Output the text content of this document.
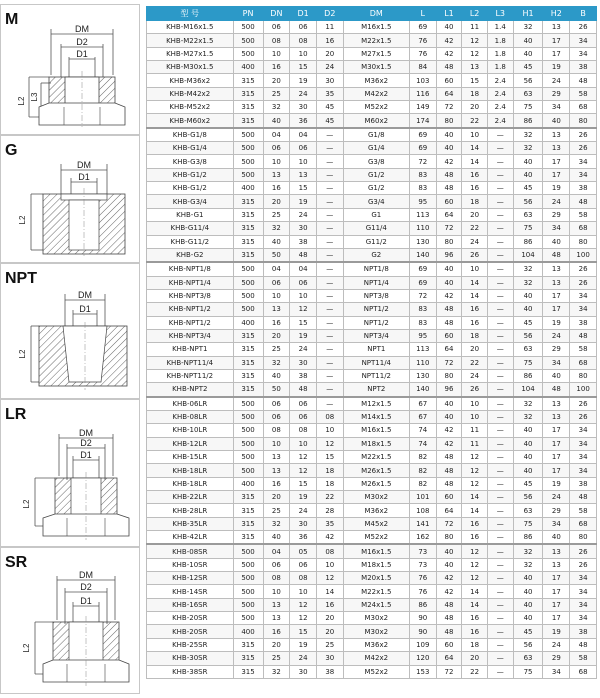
M
DM
D2
D1
L2 L3
G
DM
D1
L2
NPT
DM
D1
L2
LR
DM
D2
D1
L2
SR
DM
D2
D1
L2
型 号	PN	DN	D1	D2	DM	L	L1	L2	L3	H1	H2	B
KHB-M16x1.5	500	06	06	11	M16x1.5	69	40	11	1.4	32	13	26
KHB-M22x1.5	500	08	08	16	M22x1.5	76	42	12	1.8	40	17	34
KHB-M27x1.5	500	10	10	20	M27x1.5	76	42	12	1.8	40	17	34
KHB-M30x1.5	400	16	15	24	M30x1.5	84	48	13	1.8	45	19	38
KHB-M36x2	315	20	19	30	M36x2	103	60	15	2.4	56	24	48
KHB-M42x2	315	25	24	35	M42x2	116	64	18	2.4	63	29	58
KHB-M52x2	315	32	30	45	M52x2	149	72	20	2.4	75	34	68
KHB-M60x2	315	40	36	45	M60x2	174	80	22	2.4	86	40	80
KHB-G1/8	500	04	04	—	G1/8	69	40	10	—	32	13	26
KHB-G1/4	500	06	06	—	G1/4	69	40	14	—	32	13	26
KHB-G3/8	500	10	10	—	G3/8	72	42	14	—	40	17	34
KHB-G1/2	500	13	13	—	G1/2	83	48	16	—	40	17	34
KHB-G1/2	400	16	15	—	G1/2	83	48	16	—	45	19	38
KHB-G3/4	315	20	19	—	G3/4	95	60	18	—	56	24	48
KHB-G1	315	25	24	—	G1	113	64	20	—	63	29	58
KHB-G11/4	315	32	30	—	G11/4	110	72	22	—	75	34	68
KHB-G11/2	315	40	38	—	G11/2	130	80	24	—	86	40	80
KHB-G2	315	50	48	—	G2	140	96	26	—	104	48	100
KHB-NPT1/8	500	04	04	—	NPT1/8	69	40	10	—	32	13	26
KHB-NPT1/4	500	06	06	—	NPT1/4	69	40	14	—	32	13	26
KHB-NPT3/8	500	10	10	—	NPT3/8	72	42	14	—	40	17	34
KHB-NPT1/2	500	13	12	—	NPT1/2	83	48	16	—	40	17	34
KHB-NPT1/2	400	16	15	—	NPT1/2	83	48	16	—	45	19	38
KHB-NPT3/4	315	20	19	—	NPT3/4	95	60	18	—	56	24	48
KHB-NPT1	315	25	24	—	NPT1	113	64	20	—	63	29	58
KHB-NPT11/4	315	32	30	—	NPT11/4	110	72	22	—	75	34	68
KHB-NPT11/2	315	40	38	—	NPT11/2	130	80	24	—	86	40	80
KHB-NPT2	315	50	48	—	NPT2	140	96	26	—	104	48	100
KHB-06LR	500	06	06	—	M12x1.5	67	40	10	—	32	13	26
KHB-08LR	500	06	06	08	M14x1.5	67	40	10	—	32	13	26
KHB-10LR	500	08	08	10	M16x1.5	74	42	11	—	40	17	34
KHB-12LR	500	10	10	12	M18x1.5	74	42	11	—	40	17	34
KHB-15LR	500	13	12	15	M22x1.5	82	48	12	—	40	17	34
KHB-18LR	500	13	12	18	M26x1.5	82	48	12	—	40	17	34
KHB-18LR	400	16	15	18	M26x1.5	82	48	12	—	45	19	38
KHB-22LR	315	20	19	22	M30x2	101	60	14	—	56	24	48
KHB-28LR	315	25	24	28	M36x2	108	64	14	—	63	29	58
KHB-35LR	315	32	30	35	M45x2	141	72	16	—	75	34	68
KHB-42LR	315	40	36	42	M52x2	162	80	16	—	86	40	80
KHB-08SR	500	04	05	08	M16x1.5	73	40	12	—	32	13	26
KHB-10SR	500	06	06	10	M18x1.5	73	40	12	—	32	13	26
KHB-12SR	500	08	08	12	M20x1.5	76	42	12	—	40	17	34
KHB-14SR	500	10	10	14	M22x1.5	76	42	14	—	40	17	34
KHB-16SR	500	13	12	16	M24x1.5	86	48	14	—	40	17	34
KHB-20SR	500	13	12	20	M30x2	90	48	16	—	40	17	34
KHB-20SR	400	16	15	20	M30x2	90	48	16	—	45	19	38
KHB-25SR	315	20	19	25	M36x2	109	60	18	—	56	24	48
KHB-30SR	315	25	24	30	M42x2	120	64	20	—	63	29	58
KHB-38SR	315	32	30	38	M52x2	153	72	22	—	75	34	68
